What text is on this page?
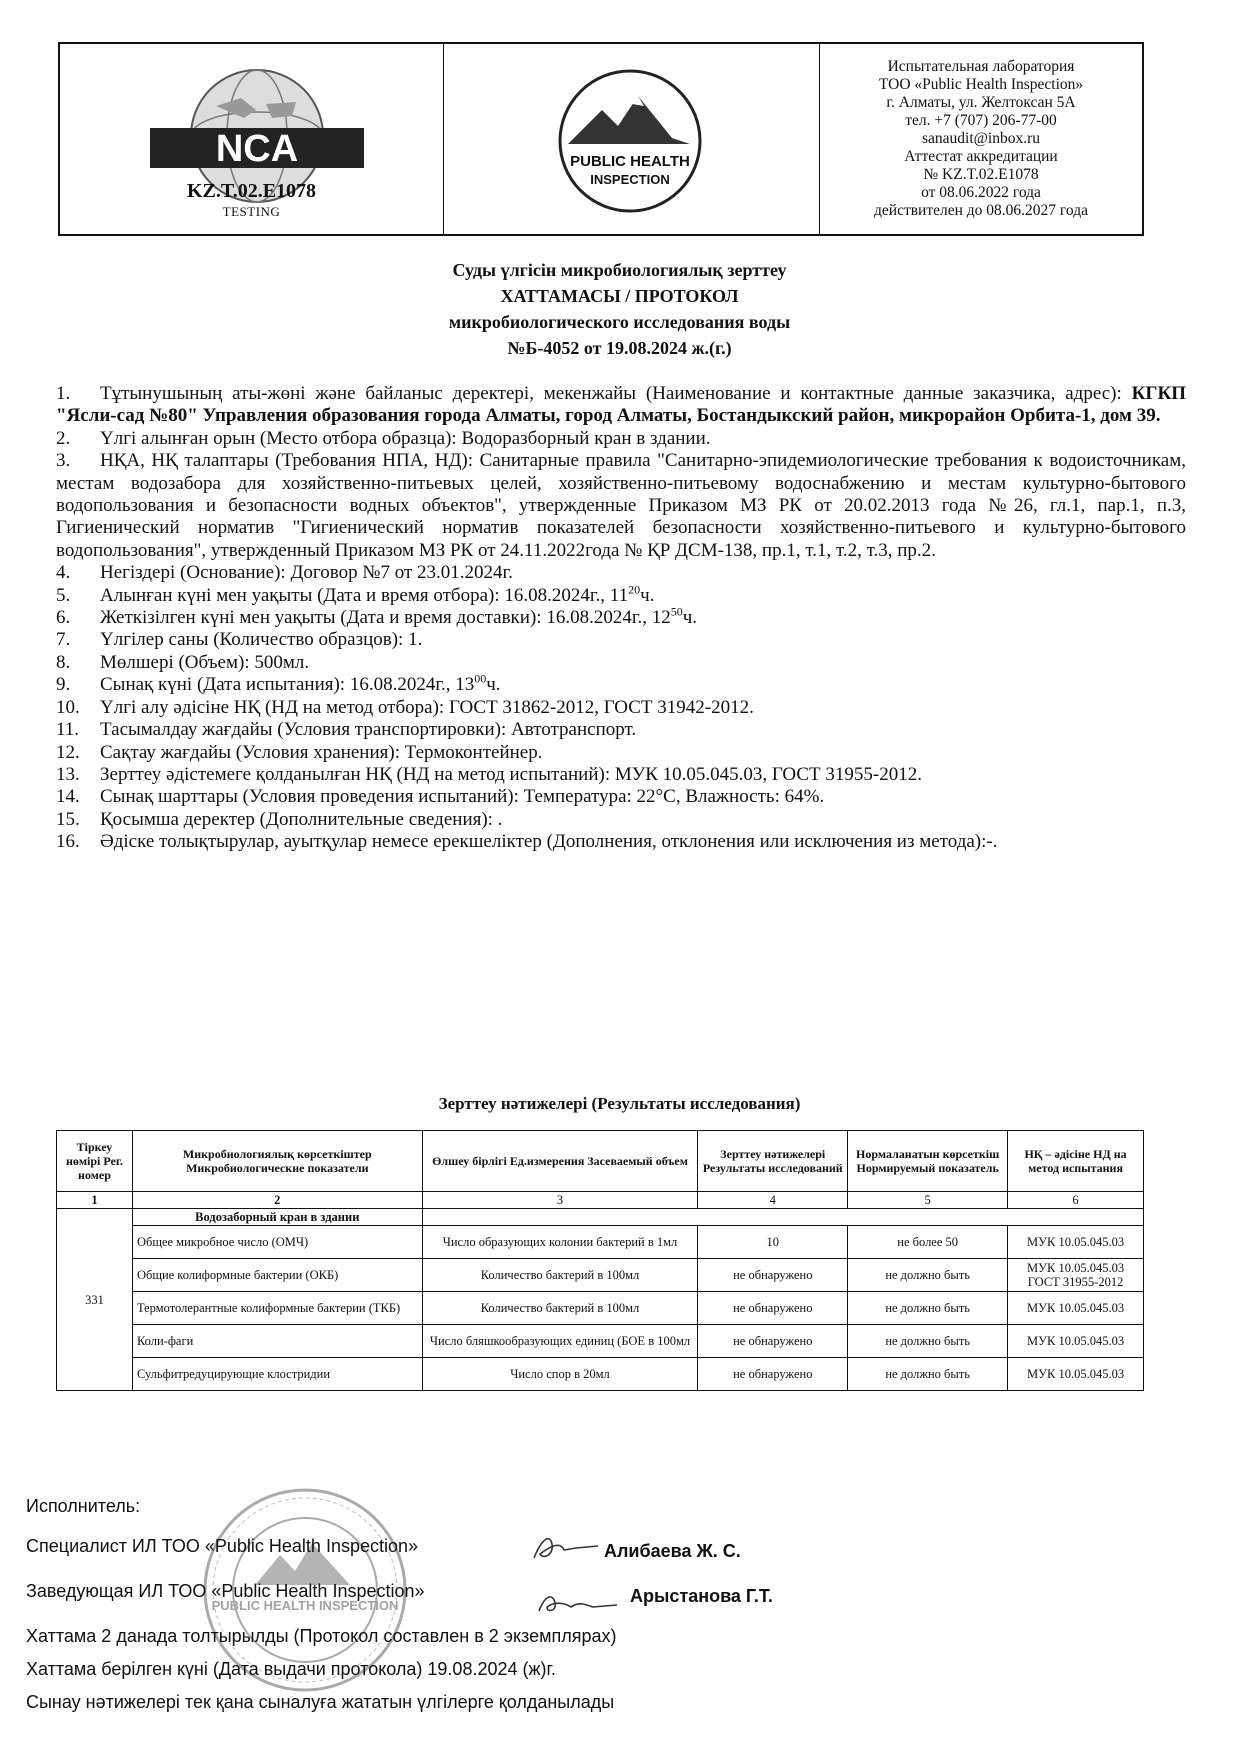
NCA
KZ.T.02.E1078
TESTING
PUBLIC HEALTH
INSPECTION
Испытательная лаборатория
ТОО «Public Health Inspection»
г. Алматы, ул. Желтоксан 5А
тел. +7 (707) 206-77-00
sanaudit@inbox.ru
Аттестат аккредитации
№ KZ.T.02.E1078
от 08.06.2022 года
действителен до 08.06.2027 года
Суды үлгісін микробиологиялық зерттеу
ХАТТАМАСЫ / ПРОТОКОЛ
микробиологического исследования воды
№Б-4052 от 19.08.2024 ж.(г.)

1. Тұтынушының аты-жөні және байланыс деректері, мекенжайы (Наименование и контактные данные заказчика, адрес): КГКП "Ясли-сад №80" Управления образования города Алматы, город Алматы, Бостандыкский район, микрорайон Орбита-1, дом 39.

2. Үлгі алынған орын (Место отбора образца): Водоразборный кран в здании.

3. НҚА, НҚ талаптары (Требования НПА, НД): Санитарные правила "Санитарно-эпидемиологические требования к водоисточникам, местам водозабора для хозяйственно-питьевых целей, хозяйственно-питьевому водоснабжению и местам культурно-бытового водопользования и безопасности водных объектов", утвержденные Приказом МЗ РК от 20.02.2013 года №26, гл.1, пар.1, п.3, Гигиенический норматив "Гигиенический норматив показателей безопасности хозяйственно-питьевого и культурно-бытового водопользования", утвержденный Приказом МЗ РК от 24.11.2022года № ҚР ДСМ-138, пр.1, т.1, т.2, т.3, пр.2.

4. Негіздері (Основание): Договор №7 от 23.01.2024г.

5. Алынған күні мен уақыты (Дата и время отбора): 16.08.2024г., $11^{20}ч$.

6. Жеткізілген күні мен уақыты (Дата и время доставки): 16.08.2024г., $12^{50}ч$.

7. Үлгілер саны (Количество образцов): 1.

8. Мөлшері (Объем): 500мл.

9. Сынақ күні (Дата испытания): 16.08.2024г., $13^{00}ч$.

10. Үлгі алу әдісіне НҚ (НД на метод отбора): ГОСТ 31862-2012, ГОСТ 31942-2012.

11. Тасымалдау жағдайы (Условия транспортировки): Автотранспорт.

12. Сақтау жағдайы (Условия хранения): Термоконтейнер.

13. Зерттеу әдістемеге қолданылған НҚ (НД на метод испытаний): МУК 10.05.045.03, ГОСТ 31955-2012.

14. Сынақ шарттары (Условия проведения испытаний): Температура: 22°С, Влажность: 64%.

15. Қосымша деректер (Дополнительные сведения): .

16. Әдіске толықтырулар, ауытқулар немесе ерекшеліктер (Дополнения, отклонения или исключения из метода):-.

Зерттеу нәтижелері (Результаты исследования)
Тіркеу нөмірі Рег. номер	Микробиологиялық көрсеткіштер Микробиологические показатели	Өлшеу бірлігі Ед.измерения Засеваемый объем	Зерттеу нәтижелері Результаты исследований	Нормаланатын көрсеткіш Нормируемый показатель	НҚ – әдісіне НД на метод испытания
1	2	3	4	5	6
331	Водозаборный кран в здании				
	Общее микробное число (ОМЧ)	Число образующих колонии бактерий в 1мл	10	не более 50	МУК 10.05.045.03
	Общие колиформные бактерии (ОКБ)	Количество бактерий в 100мл	не обнаружено	не должно быть	МУК 10.05.045.03 ГОСТ 31955-2012
	Термотолерантные колиформные бактерии (ТКБ)	Количество бактерий в 100мл	не обнаружено	не должно быть	МУК 10.05.045.03
	Коли-фаги	Число бляшкообразующих единиц (БОЕ в 100мл	не обнаружено	не должно быть	МУК 10.05.045.03
	Сульфитредуцирующие клостридии	Число спор в 20мл	не обнаружено	не должно быть	МУК 10.05.045.03
PUBLIC HEALTH INSPECTION
Исполнитель:
Специалист ИЛ ТОО «Public Health Inspection»	Алибаева Ж. С.
Заведующая ИЛ ТОО «Public Health Inspection»	Арыстанова Г.Т.
Хаттама 2 данада толтырылды (Протокол составлен в 2 экземплярах)
Хаттама берілген күні (Дата выдачи протокола) 19.08.2024 (ж)г.
Сынау нәтижелері тек қана сыналуға жататын үлгілерге қолданылады
